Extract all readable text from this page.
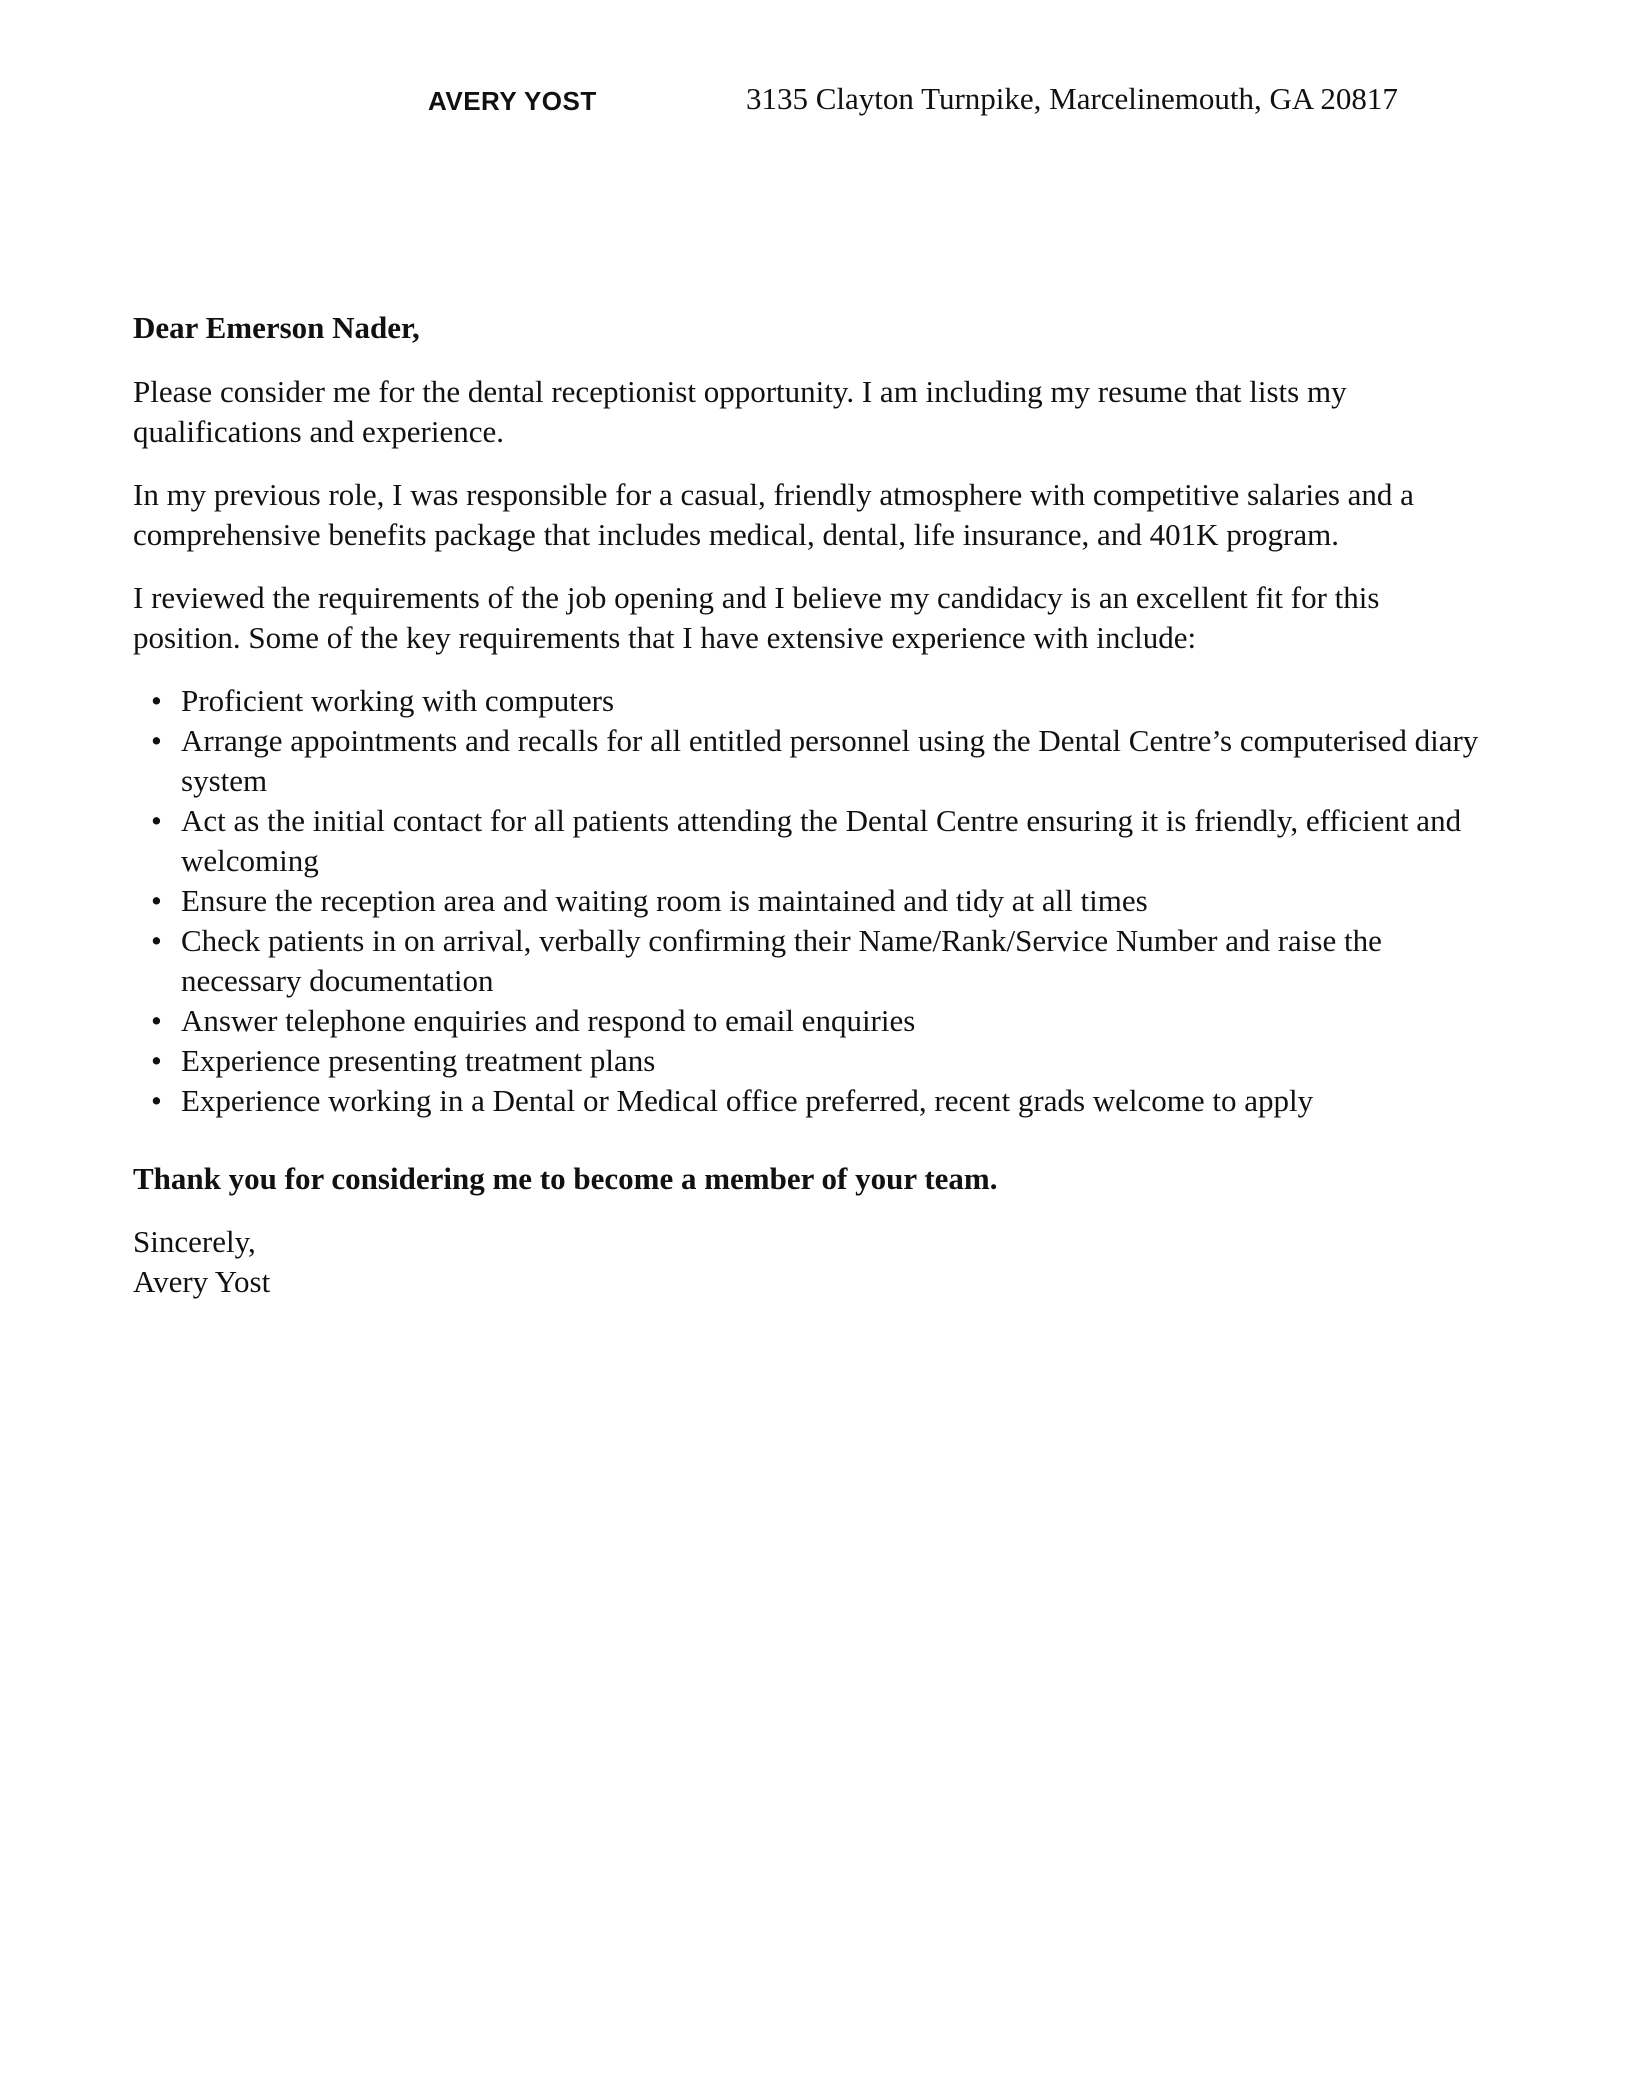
AVERY YOST	3135 Clayton Turnpike, Marcelinemouth, GA 20817

Dear Emerson Nader,

Please consider me for the dental receptionist opportunity. I am including my resume that lists my qualifications and experience.

In my previous role, I was responsible for a casual, friendly atmosphere with competitive salaries and a comprehensive benefits package that includes medical, dental, life insurance, and 401K program.

I reviewed the requirements of the job opening and I believe my candidacy is an excellent fit for this position. Some of the key requirements that I have extensive experience with include:

• Proficient working with computers
• Arrange appointments and recalls for all entitled personnel using the Dental Centre’s computerised diary system
• Act as the initial contact for all patients attending the Dental Centre ensuring it is friendly, efficient and welcoming
• Ensure the reception area and waiting room is maintained and tidy at all times
• Check patients in on arrival, verbally confirming their Name/Rank/Service Number and raise the necessary documentation
• Answer telephone enquiries and respond to email enquiries
• Experience presenting treatment plans
• Experience working in a Dental or Medical office preferred, recent grads welcome to apply

Thank you for considering me to become a member of your team.

Sincerely,

Avery Yost
